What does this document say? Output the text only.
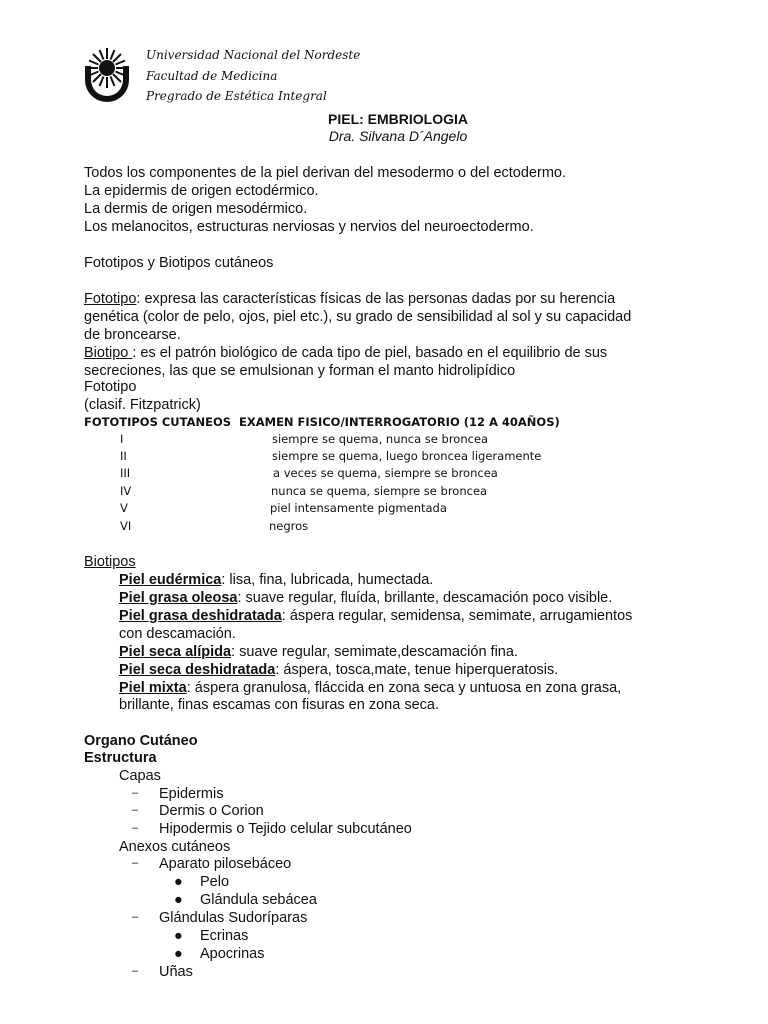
Universidad Nacional del Nordeste
Facultad de Medicina
Pregrado de Estética Integral
PIEL: EMBRIOLOGIA
Dra. Silvana D´Angelo
Todos los componentes de la piel derivan del mesodermo o del ectodermo.
La epidermis de origen ectodérmico.
La dermis de origen mesodérmico.
Los melanocitos, estructuras nerviosas y nervios del neuroectodermo.
Fototipos y Biotipos cutáneos
Fototipo: expresa las características físicas de las personas dadas por su herencia
genética (color de pelo, ojos, piel etc.), su grado de sensibilidad al sol y su capacidad
de broncearse.
Biotipo : es el patrón biológico de cada tipo de piel, basado en el equilibrio de sus
secreciones, las que se emulsionan y forman el manto hidrolipídico
Fototipo
(clasif. Fitzpatrick)
FOTOTIPOS CUTANEOS EXAMEN FISICO/INTERROGATORIO (12 A 40AÑOS)
I	siempre se quema, nunca se broncea
II	siempre se quema, luego broncea ligeramente
III	a veces se quema, siempre se broncea
IV	nunca se quema, siempre se broncea
V	piel intensamente pigmentada
VI	negros
Biotipos
Piel eudérmica: lisa, fina, lubricada, humectada.
Piel grasa oleosa: suave regular, fluída, brillante, descamación poco visible.
Piel grasa deshidratada: áspera regular, semidensa, semimate, arrugamientos
con descamación.
Piel seca alípida: suave regular, semimate,descamación fina.
Piel seca deshidratada: áspera, tosca,mate, tenue hiperqueratosis.
Piel mixta: áspera granulosa, fláccida en zona seca y untuosa en zona grasa,
brillante, finas escamas con fisuras en zona seca.
Organo Cutáneo
Estructura
Capas
– Epidermis
– Dermis o Corion
– Hipodermis o Tejido celular subcutáneo
Anexos cutáneos
– Aparato pilosebáceo
● Pelo
● Glándula sebácea
– Glándulas Sudoríparas
● Ecrinas
● Apocrinas
– Uñas
